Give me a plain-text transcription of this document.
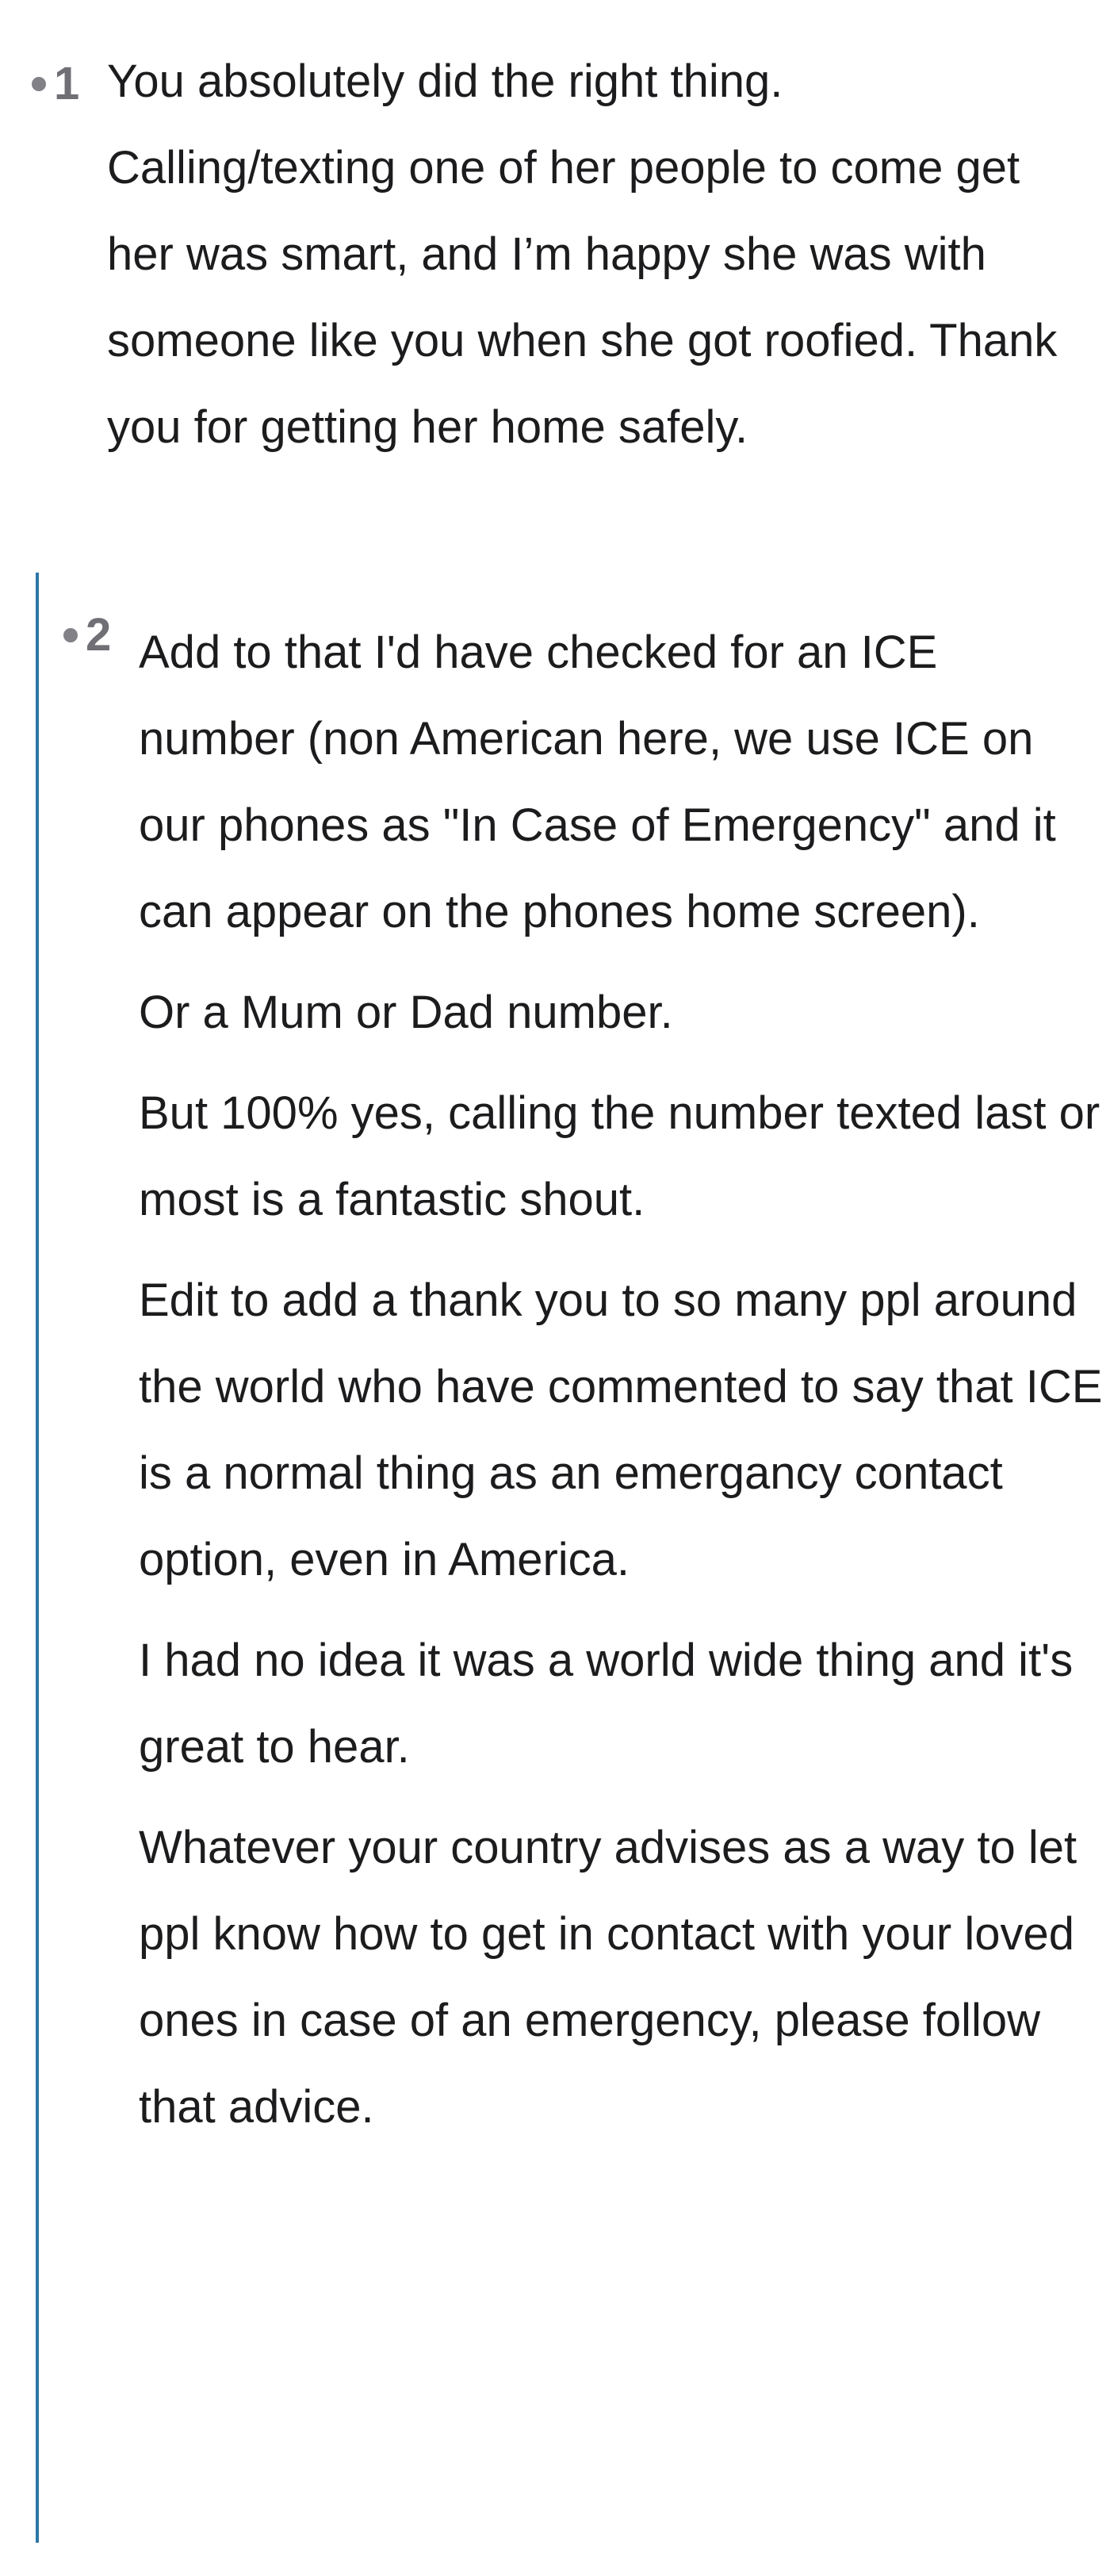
1 You absolutely did the right thing. Calling/texting one of her people to come get her was smart, and I’m happy she was with someone like you when she got roofied. Thank you for getting her home safely.

2 Add to that I'd have checked for an ICE number (non American here, we use ICE on our phones as "In Case of Emergency" and it can appear on the phones home screen).

Or a Mum or Dad number.

But 100% yes, calling the number texted last or most is a fantastic shout.

Edit to add a thank you to so many ppl around the world who have commented to say that ICE is a normal thing as an emergancy contact option, even in America.

I had no idea it was a world wide thing and it's great to hear.

Whatever your country advises as a way to let ppl know how to get in contact with your loved ones in case of an emergency, please follow that advice.
